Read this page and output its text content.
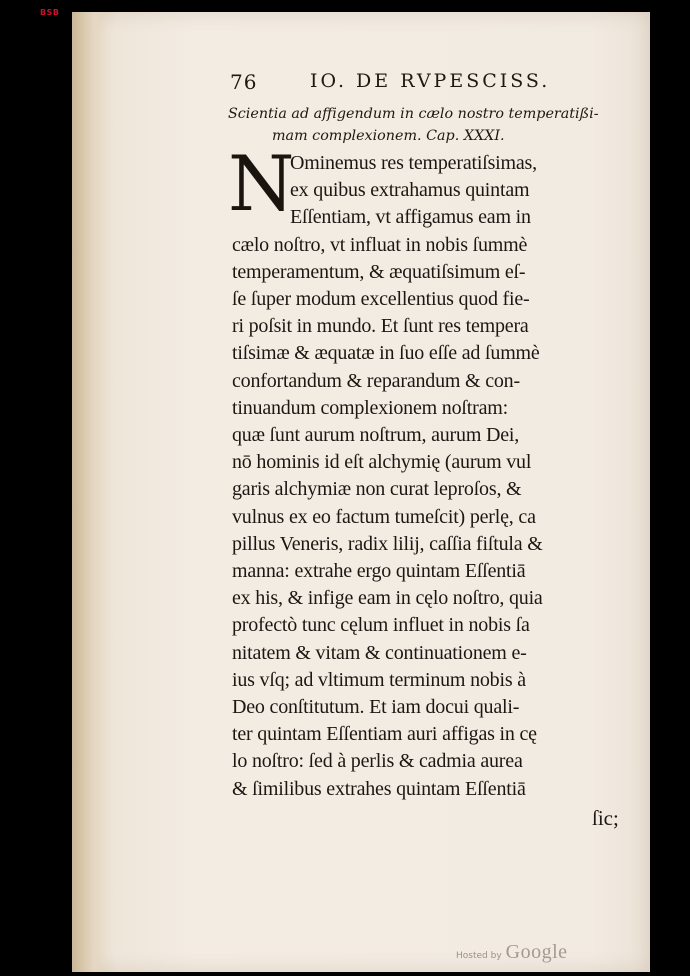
BSB
76	IO. DE RVPESCISS.
Scientia ad affigendum in cælo nostro temperatißi-
mam complexionem. Cap. XXXI.
N
Ominemus res temperatiſsimas,
ex quibus extrahamus quintam
Eſſentiam, vt affigamus eam in
cælo noſtro, vt influat in nobis ſummè
temperamentum, & æquatiſsimum eſ-
ſe ſuper modum excellentius quod fie-
ri poſsit in mundo. Et ſunt res tempera
tiſsimæ & æquatæ in ſuo eſſe ad ſummè
confortandum & reparandum & con-
tinuandum complexionem noſtram:
quæ ſunt aurum noſtrum, aurum Dei,
nō hominis id eſt alchymię (aurum vul
garis alchymiæ non curat leproſos, &
vulnus ex eo factum tumeſcit) perlę, ca
pillus Veneris, radix lilij, caſſia fiſtula &
manna: extrahe ergo quintam Eſſentiā
ex his, & infige eam in cęlo noſtro, quia
profectò tunc cęlum influet in nobis ſa
nitatem & vitam & continuationem e-
ius vſq; ad vltimum terminum nobis à
Deo conſtitutum. Et iam docui quali-
ter quintam Eſſentiam auri affigas in cę
lo noſtro: ſed à perlis & cadmia aurea
& ſimilibus extrahes quintam Eſſentiā
ſic;
Hosted by Google
